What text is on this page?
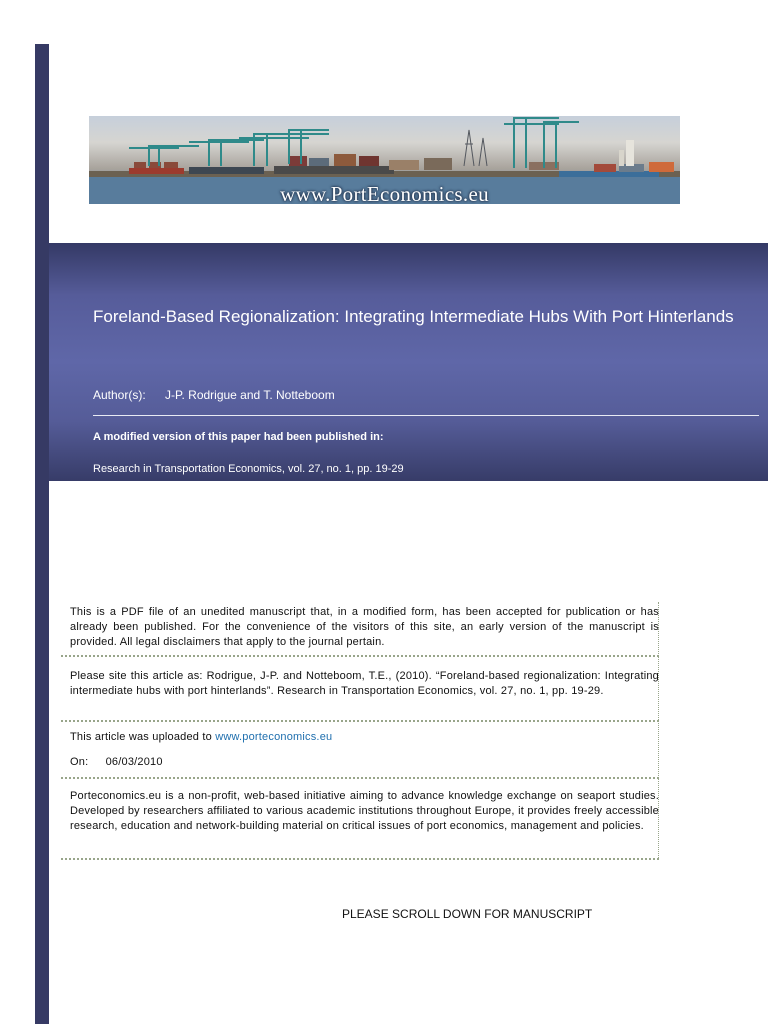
www.PortEconomics.eu
Foreland-Based Regionalization: Integrating Intermediate Hubs With Port Hinterlands
Author(s): J-P. Rodrigue and T. Notteboom
A modified version of this paper had been published in:
Research in Transportation Economics, vol. 27, no. 1, pp. 19-29

This is a PDF file of an unedited manuscript that, in a modified form, has been accepted for publication or has already been published. For the convenience of the visitors of this site, an early version of the manuscript is provided. All legal disclaimers that apply to the journal pertain.

Please site this article as: Rodrigue, J-P. and Notteboom, T.E., (2010). “Foreland-based regionalization: Integrating intermediate hubs with port hinterlands”. Research in Transportation Economics, vol. 27, no. 1, pp. 19-29.

This article was uploaded to www.porteconomics.eu
On: 06/03/2010

Porteconomics.eu is a non-profit, web-based initiative aiming to advance knowledge exchange on seaport studies. Developed by researchers affiliated to various academic institutions throughout Europe, it provides freely accessible research, education and network-building material on critical issues of port economics, management and policies.

PLEASE SCROLL DOWN FOR MANUSCRIPT
